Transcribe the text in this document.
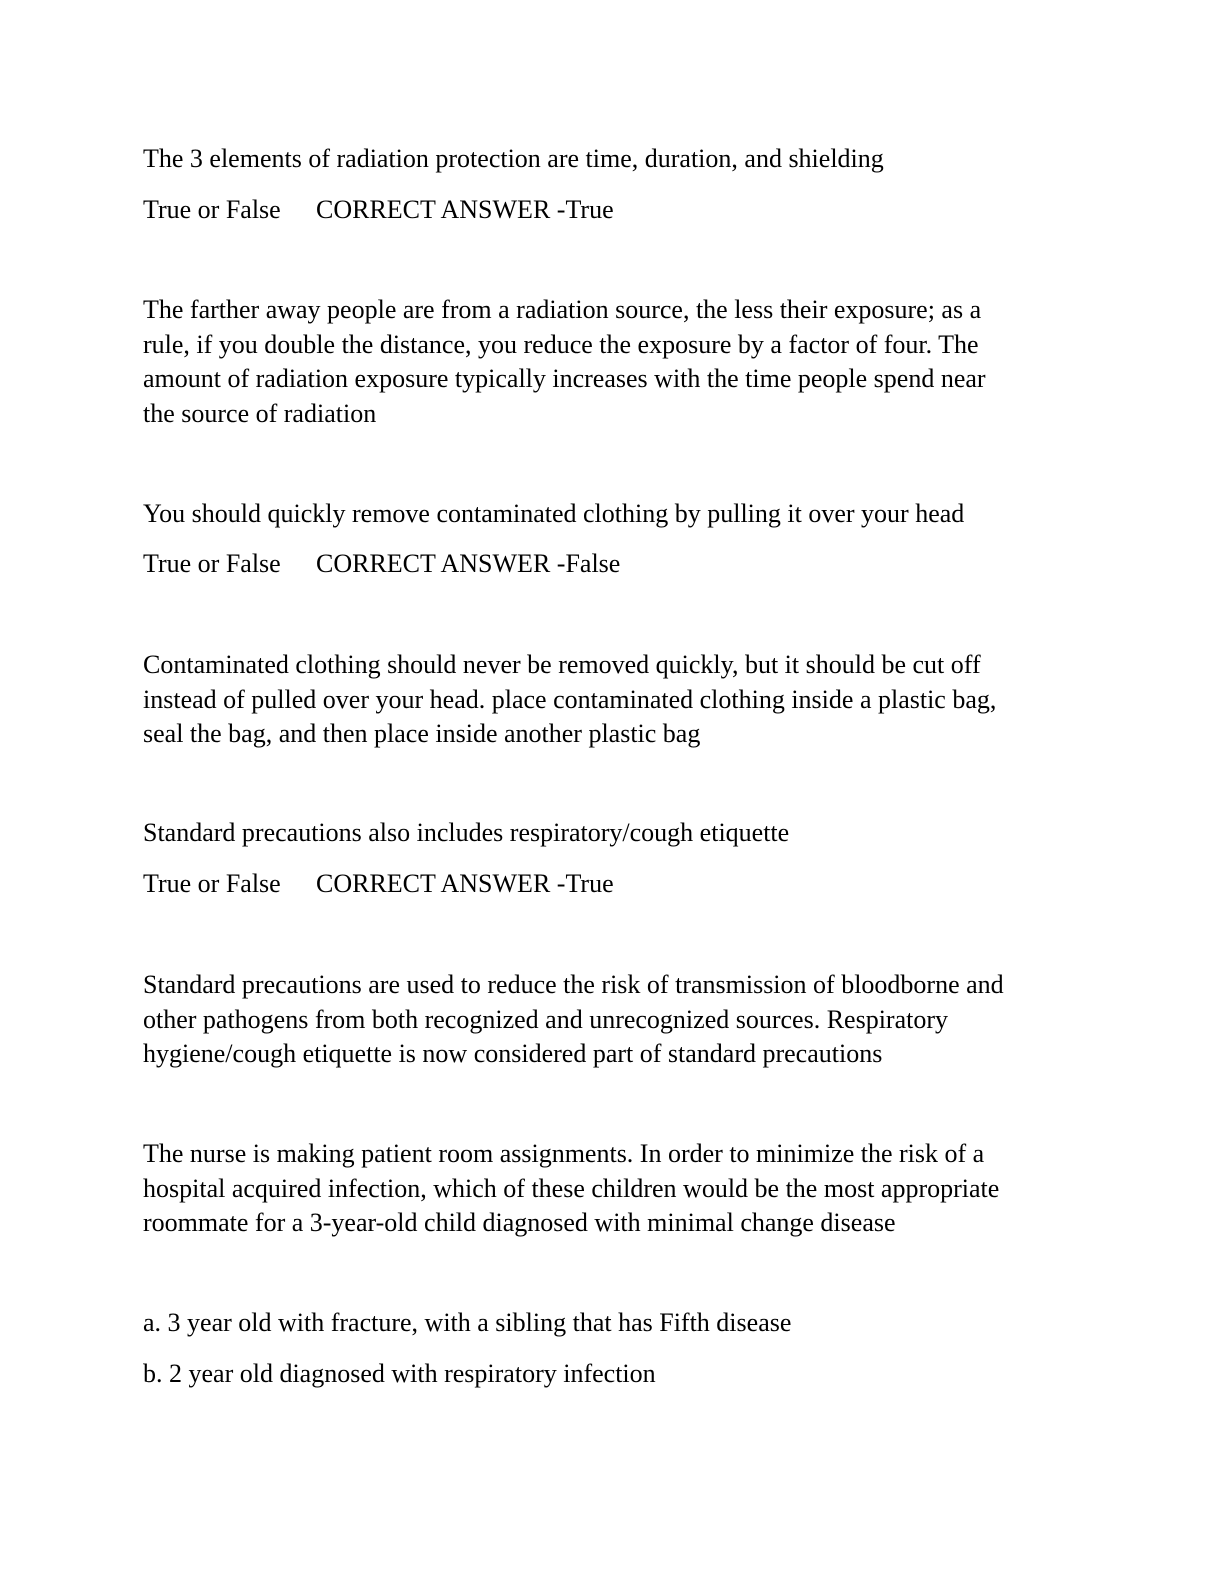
The 3 elements of radiation protection are time, duration, and shielding

True or False CORRECT ANSWER -True

The farther away people are from a radiation source, the less their exposure; as a
rule, if you double the distance, you reduce the exposure by a factor of four. The
amount of radiation exposure typically increases with the time people spend near
the source of radiation

You should quickly remove contaminated clothing by pulling it over your head

True or False CORRECT ANSWER -False

Contaminated clothing should never be removed quickly, but it should be cut off
instead of pulled over your head. place contaminated clothing inside a plastic bag,
seal the bag, and then place inside another plastic bag

Standard precautions also includes respiratory/cough etiquette

True or False CORRECT ANSWER -True

Standard precautions are used to reduce the risk of transmission of bloodborne and
other pathogens from both recognized and unrecognized sources. Respiratory
hygiene/cough etiquette is now considered part of standard precautions
The nurse is making patient room assignments. In order to minimize the risk of a
hospital acquired infection, which of these children would be the most appropriate
roommate for a 3-year-old child diagnosed with minimal change disease

a. 3 year old with fracture, with a sibling that has Fifth disease

b. 2 year old diagnosed with respiratory infection
